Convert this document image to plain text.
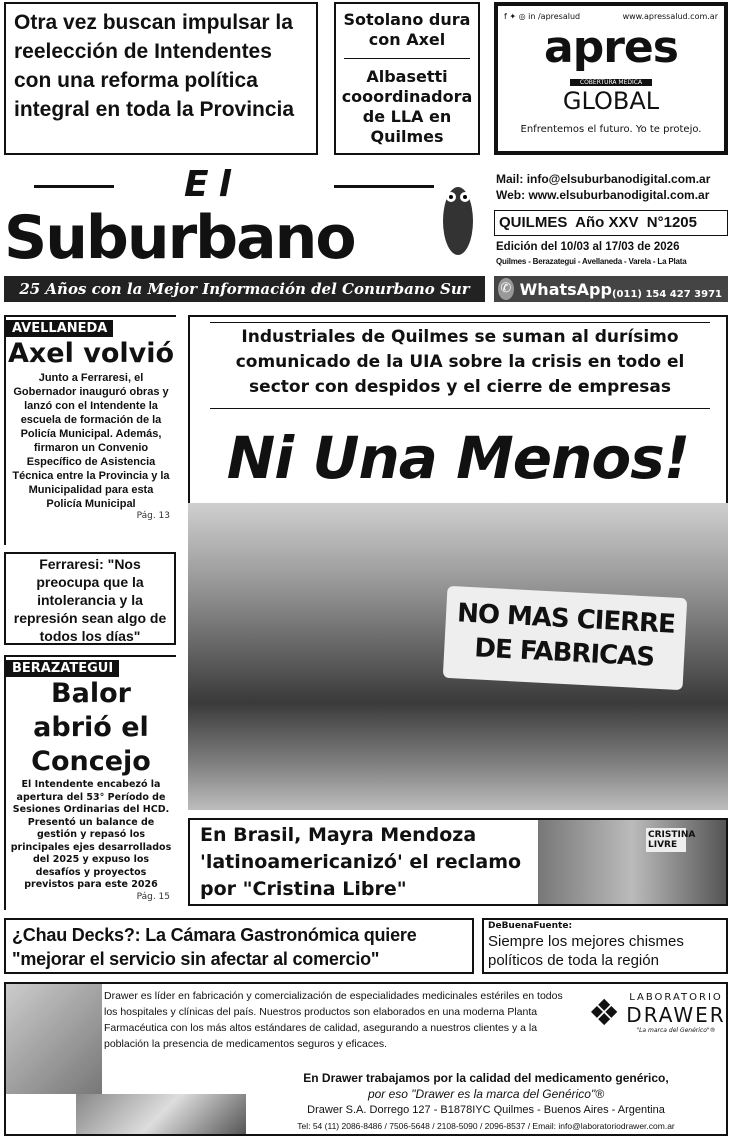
Otra vez buscan impulsar la reelección de Intendentes con una reforma política integral en toda la Provincia
Sotolano dura con Axel
Albasetti cooordinadora de LLA en Quilmes
f ✦ ◎ in /apresalud	www.apressalud.com.ar
apres
COBERTURA MEDICA
GLOBAL
Enfrentemos el futuro. Yo te protejo.
El
Suburbano
25 Años con la Mejor Información del Conurbano Sur
Mail: info@elsuburbanodigital.com.ar
Web: www.elsuburbanodigital.com.ar
QUILMES  Año XXV  N°1205
Edición del 10/03 al 17/03 de 2026
Quilmes - Berazategui - Avellaneda - Varela - La Plata
✆ WhatsApp (011) 154 427 3971
AVELLANEDA
Axel volvió
Junto a Ferraresi, el Gobernador inauguró obras y lanzó con el Intendente la escuela de formación de la Policía Municipal. Además, firmaron un Convenio Específico de Asistencia Técnica entre la Provincia y la Municipalidad para esta Policía Municipal
Pág. 13
Ferraresi: "Nos preocupa que la intolerancia y la represión sean algo de todos los días"
BERAZATEGUI
Balor abrió el Concejo
El Intendente encabezó la apertura del 53° Período de Sesiones Ordinarias del HCD. Presentó un balance de gestión y repasó los principales ejes desarrollados del 2025 y expuso los desafíos y proyectos previstos para este 2026
Pág. 15
Industriales de Quilmes se suman al durísimo comunicado de la UIA sobre la crisis en todo el sector con despidos y el cierre de empresas
Ni Una Menos!
NO MAS CIERRE DE FABRICAS
En Brasil, Mayra Mendoza 'latinoamericanizó' el reclamo por "Cristina Libre"
CRISTINA LIVRE
¿Chau Decks?: La Cámara Gastronómica quiere "mejorar el servicio sin afectar al comercio"
DeBuenaFuente:
Siempre los mejores chismes políticos de toda la región
Drawer es líder en fabricación y comercialización de especialidades medicinales estériles en todos los hospitales y clínicas del país. Nuestros productos son elaborados en una moderna Planta Farmacéutica con los más altos estándares de calidad, asegurando a nuestros clientes y a la población la presencia de medicamentos seguros y eficaces.
LABORATORIO
DRAWER
"La marca del Genérico"®
❖
En Drawer trabajamos por la calidad del medicamento genérico,
por eso "Drawer es la marca del Genérico"®
Drawer S.A. Dorrego 127 - B1878IYC Quilmes - Buenos Aires - Argentina
Tel: 54 (11) 2086-8486 / 7506-5648 / 2108-5090 / 2096-8537 / Email: info@laboratoriodrawer.com.ar
